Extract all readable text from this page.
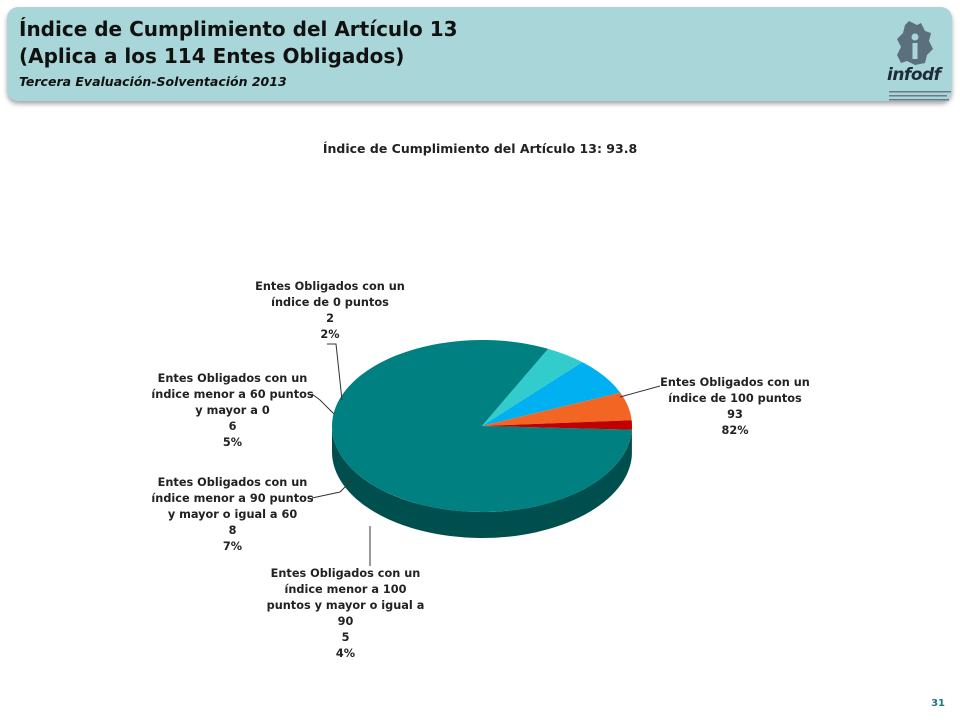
Índice de Cumplimiento del Artículo 13
(Aplica a los 114 Entes Obligados)
Tercera Evaluación-Solventación 2013	infodf
Índice de Cumplimiento del Artículo 13: 93.8
Entes Obligados con un
índice de 100 puntos
93
82%
Entes Obligados con un
índice menor a 100
puntos y mayor o igual a
90
5
4%
Entes Obligados con un
índice menor a 90 puntos
y mayor o igual a 60
8
7%
Entes Obligados con un
índice menor a 60 puntos
y mayor a 0
6
5%
Entes Obligados con un
índice de 0 puntos
2
2%
31
